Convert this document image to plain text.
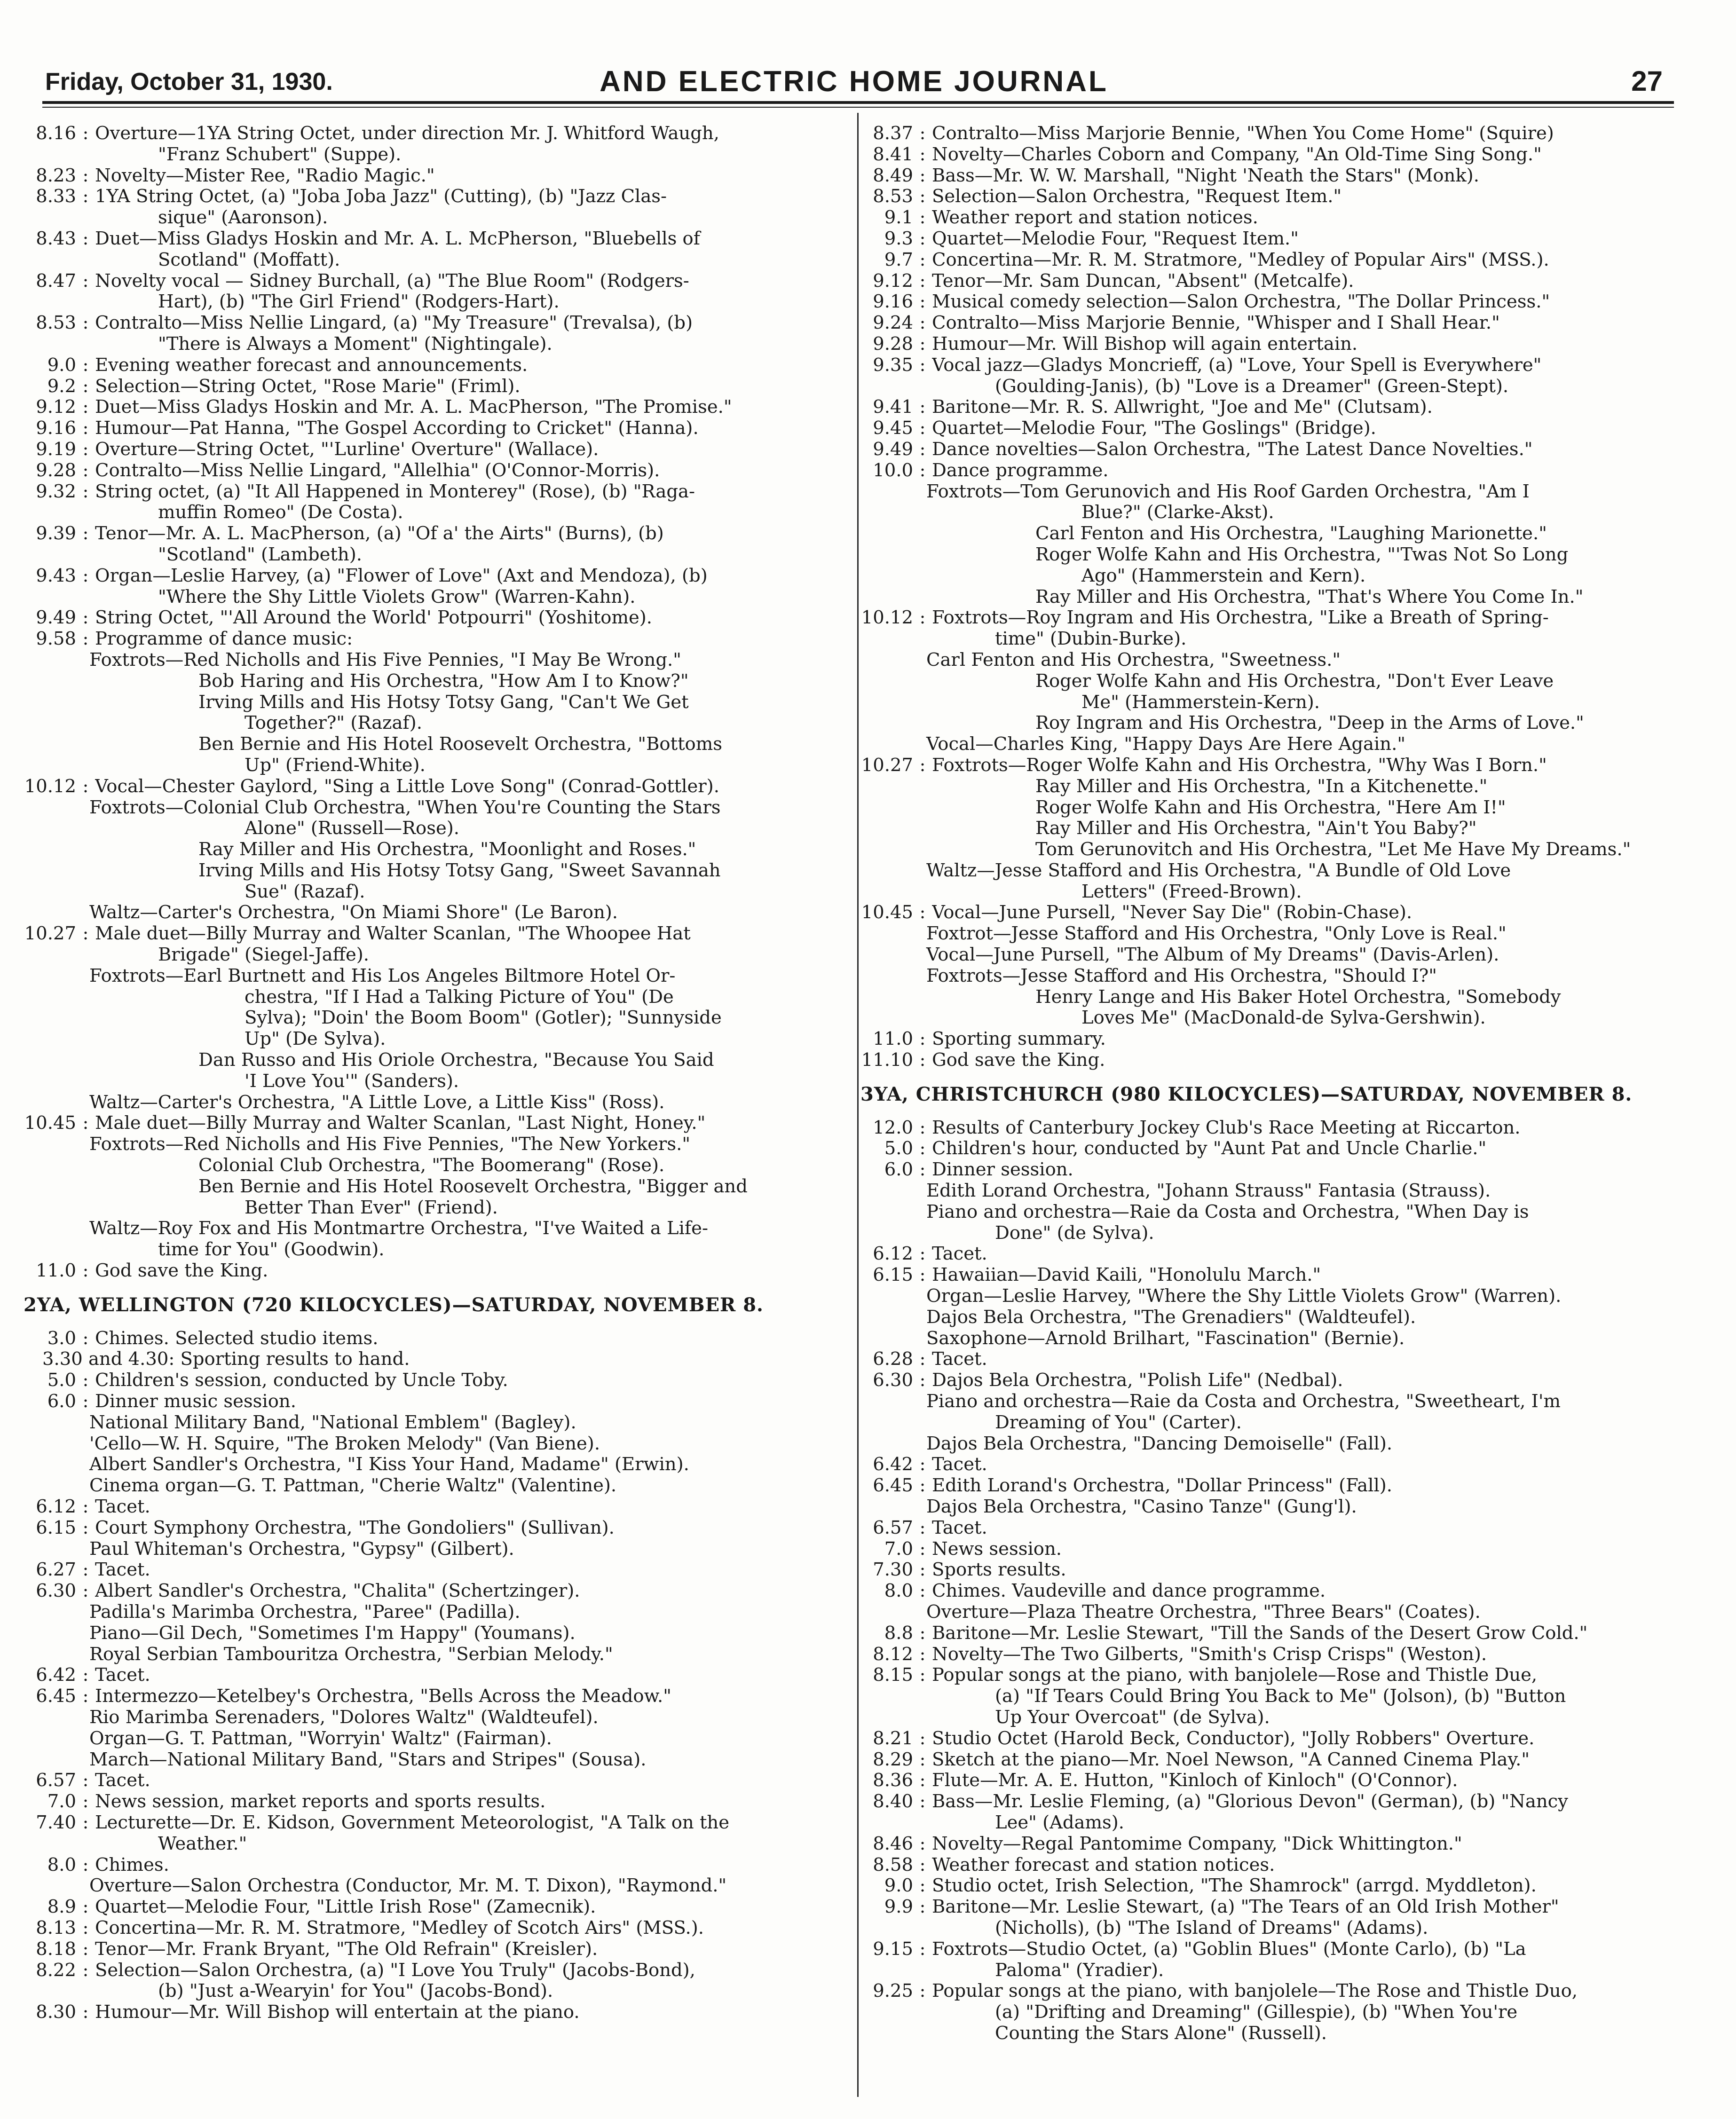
Friday, October 31, 1930.	AND ELECTRIC HOME JOURNAL	27
8.16 : Overture—1YA String Octet, under direction Mr. J. Whitford Waugh,
"Franz Schubert" (Suppe).
8.23 : Novelty—Mister Ree, "Radio Magic."
8.33 : 1YA String Octet, (a) "Joba Joba Jazz" (Cutting), (b) "Jazz Clas-
sique" (Aaronson).
8.43 : Duet—Miss Gladys Hoskin and Mr. A. L. McPherson, "Bluebells of
Scotland" (Moffatt).
8.47 : Novelty vocal — Sidney Burchall, (a) "The Blue Room" (Rodgers-
Hart), (b) "The Girl Friend" (Rodgers-Hart).
8.53 : Contralto—Miss Nellie Lingard, (a) "My Treasure" (Trevalsa), (b)
"There is Always a Moment" (Nightingale).
9.0 : Evening weather forecast and announcements.
9.2 : Selection—String Octet, "Rose Marie" (Friml).
9.12 : Duet—Miss Gladys Hoskin and Mr. A. L. MacPherson, "The Promise."
9.16 : Humour—Pat Hanna, "The Gospel According to Cricket" (Hanna).
9.19 : Overture—String Octet, "'Lurline' Overture" (Wallace).
9.28 : Contralto—Miss Nellie Lingard, "Allelhia" (O'Connor-Morris).
9.32 : String octet, (a) "It All Happened in Monterey" (Rose), (b) "Raga-
muffin Romeo" (De Costa).
9.39 : Tenor—Mr. A. L. MacPherson, (a) "Of a' the Airts" (Burns), (b)
"Scotland" (Lambeth).
9.43 : Organ—Leslie Harvey, (a) "Flower of Love" (Axt and Mendoza), (b)
"Where the Shy Little Violets Grow" (Warren-Kahn).
9.49 : String Octet, "'All Around the World' Potpourri" (Yoshitome).
9.58 : Programme of dance music:
Foxtrots—Red Nicholls and His Five Pennies, "I May Be Wrong."
Bob Haring and His Orchestra, "How Am I to Know?"
Irving Mills and His Hotsy Totsy Gang, "Can't We Get
Together?" (Razaf).
Ben Bernie and His Hotel Roosevelt Orchestra, "Bottoms
Up" (Friend-White).
10.12 : Vocal—Chester Gaylord, "Sing a Little Love Song" (Conrad-Gottler).
Foxtrots—Colonial Club Orchestra, "When You're Counting the Stars
Alone" (Russell—Rose).
Ray Miller and His Orchestra, "Moonlight and Roses."
Irving Mills and His Hotsy Totsy Gang, "Sweet Savannah
Sue" (Razaf).
Waltz—Carter's Orchestra, "On Miami Shore" (Le Baron).
10.27 : Male duet—Billy Murray and Walter Scanlan, "The Whoopee Hat
Brigade" (Siegel-Jaffe).
Foxtrots—Earl Burtnett and His Los Angeles Biltmore Hotel Or-
chestra, "If I Had a Talking Picture of You" (De
Sylva); "Doin' the Boom Boom" (Gotler); "Sunnyside
Up" (De Sylva).
Dan Russo and His Oriole Orchestra, "Because You Said
'I Love You'" (Sanders).
Waltz—Carter's Orchestra, "A Little Love, a Little Kiss" (Ross).
10.45 : Male duet—Billy Murray and Walter Scanlan, "Last Night, Honey."
Foxtrots—Red Nicholls and His Five Pennies, "The New Yorkers."
Colonial Club Orchestra, "The Boomerang" (Rose).
Ben Bernie and His Hotel Roosevelt Orchestra, "Bigger and
Better Than Ever" (Friend).
Waltz—Roy Fox and His Montmartre Orchestra, "I've Waited a Life-
time for You" (Goodwin).
11.0 : God save the King.
2YA, WELLINGTON (720 KILOCYCLES)—SATURDAY, NOVEMBER 8.
3.0 : Chimes. Selected studio items.
3.30 and 4.30: Sporting results to hand.
5.0 : Children's session, conducted by Uncle Toby.
6.0 : Dinner music session.
National Military Band, "National Emblem" (Bagley).
'Cello—W. H. Squire, "The Broken Melody" (Van Biene).
Albert Sandler's Orchestra, "I Kiss Your Hand, Madame" (Erwin).
Cinema organ—G. T. Pattman, "Cherie Waltz" (Valentine).
6.12 : Tacet.
6.15 : Court Symphony Orchestra, "The Gondoliers" (Sullivan).
Paul Whiteman's Orchestra, "Gypsy" (Gilbert).
6.27 : Tacet.
6.30 : Albert Sandler's Orchestra, "Chalita" (Schertzinger).
Padilla's Marimba Orchestra, "Paree" (Padilla).
Piano—Gil Dech, "Sometimes I'm Happy" (Youmans).
Royal Serbian Tambouritza Orchestra, "Serbian Melody."
6.42 : Tacet.
6.45 : Intermezzo—Ketelbey's Orchestra, "Bells Across the Meadow."
Rio Marimba Serenaders, "Dolores Waltz" (Waldteufel).
Organ—G. T. Pattman, "Worryin' Waltz" (Fairman).
March—National Military Band, "Stars and Stripes" (Sousa).
6.57 : Tacet.
7.0 : News session, market reports and sports results.
7.40 : Lecturette—Dr. E. Kidson, Government Meteorologist, "A Talk on the
Weather."
8.0 : Chimes.
Overture—Salon Orchestra (Conductor, Mr. M. T. Dixon), "Raymond."
8.9 : Quartet—Melodie Four, "Little Irish Rose" (Zamecnik).
8.13 : Concertina—Mr. R. M. Stratmore, "Medley of Scotch Airs" (MSS.).
8.18 : Tenor—Mr. Frank Bryant, "The Old Refrain" (Kreisler).
8.22 : Selection—Salon Orchestra, (a) "I Love You Truly" (Jacobs-Bond),
(b) "Just a-Wearyin' for You" (Jacobs-Bond).
8.30 : Humour—Mr. Will Bishop will entertain at the piano.
8.37 : Contralto—Miss Marjorie Bennie, "When You Come Home" (Squire)
8.41 : Novelty—Charles Coborn and Company, "An Old-Time Sing Song."
8.49 : Bass—Mr. W. W. Marshall, "Night 'Neath the Stars" (Monk).
8.53 : Selection—Salon Orchestra, "Request Item."
9.1 : Weather report and station notices.
9.3 : Quartet—Melodie Four, "Request Item."
9.7 : Concertina—Mr. R. M. Stratmore, "Medley of Popular Airs" (MSS.).
9.12 : Tenor—Mr. Sam Duncan, "Absent" (Metcalfe).
9.16 : Musical comedy selection—Salon Orchestra, "The Dollar Princess."
9.24 : Contralto—Miss Marjorie Bennie, "Whisper and I Shall Hear."
9.28 : Humour—Mr. Will Bishop will again entertain.
9.35 : Vocal jazz—Gladys Moncrieff, (a) "Love, Your Spell is Everywhere"
(Goulding-Janis), (b) "Love is a Dreamer" (Green-Stept).
9.41 : Baritone—Mr. R. S. Allwright, "Joe and Me" (Clutsam).
9.45 : Quartet—Melodie Four, "The Goslings" (Bridge).
9.49 : Dance novelties—Salon Orchestra, "The Latest Dance Novelties."
10.0 : Dance programme.
Foxtrots—Tom Gerunovich and His Roof Garden Orchestra, "Am I
Blue?" (Clarke-Akst).
Carl Fenton and His Orchestra, "Laughing Marionette."
Roger Wolfe Kahn and His Orchestra, "'Twas Not So Long
Ago" (Hammerstein and Kern).
Ray Miller and His Orchestra, "That's Where You Come In."
10.12 : Foxtrots—Roy Ingram and His Orchestra, "Like a Breath of Spring-
time" (Dubin-Burke).
Carl Fenton and His Orchestra, "Sweetness."
Roger Wolfe Kahn and His Orchestra, "Don't Ever Leave
Me" (Hammerstein-Kern).
Roy Ingram and His Orchestra, "Deep in the Arms of Love."
Vocal—Charles King, "Happy Days Are Here Again."
10.27 : Foxtrots—Roger Wolfe Kahn and His Orchestra, "Why Was I Born."
Ray Miller and His Orchestra, "In a Kitchenette."
Roger Wolfe Kahn and His Orchestra, "Here Am I!"
Ray Miller and His Orchestra, "Ain't You Baby?"
Tom Gerunovitch and His Orchestra, "Let Me Have My Dreams."
Waltz—Jesse Stafford and His Orchestra, "A Bundle of Old Love
Letters" (Freed-Brown).
10.45 : Vocal—June Pursell, "Never Say Die" (Robin-Chase).
Foxtrot—Jesse Stafford and His Orchestra, "Only Love is Real."
Vocal—June Pursell, "The Album of My Dreams" (Davis-Arlen).
Foxtrots—Jesse Stafford and His Orchestra, "Should I?"
Henry Lange and His Baker Hotel Orchestra, "Somebody
Loves Me" (MacDonald-de Sylva-Gershwin).
11.0 : Sporting summary.
11.10 : God save the King.
3YA, CHRISTCHURCH (980 KILOCYCLES)—SATURDAY, NOVEMBER 8.
12.0 : Results of Canterbury Jockey Club's Race Meeting at Riccarton.
5.0 : Children's hour, conducted by "Aunt Pat and Uncle Charlie."
6.0 : Dinner session.
Edith Lorand Orchestra, "Johann Strauss" Fantasia (Strauss).
Piano and orchestra—Raie da Costa and Orchestra, "When Day is
Done" (de Sylva).
6.12 : Tacet.
6.15 : Hawaiian—David Kaili, "Honolulu March."
Organ—Leslie Harvey, "Where the Shy Little Violets Grow" (Warren).
Dajos Bela Orchestra, "The Grenadiers" (Waldteufel).
Saxophone—Arnold Brilhart, "Fascination" (Bernie).
6.28 : Tacet.
6.30 : Dajos Bela Orchestra, "Polish Life" (Nedbal).
Piano and orchestra—Raie da Costa and Orchestra, "Sweetheart, I'm
Dreaming of You" (Carter).
Dajos Bela Orchestra, "Dancing Demoiselle" (Fall).
6.42 : Tacet.
6.45 : Edith Lorand's Orchestra, "Dollar Princess" (Fall).
Dajos Bela Orchestra, "Casino Tanze" (Gung'l).
6.57 : Tacet.
7.0 : News session.
7.30 : Sports results.
8.0 : Chimes. Vaudeville and dance programme.
Overture—Plaza Theatre Orchestra, "Three Bears" (Coates).
8.8 : Baritone—Mr. Leslie Stewart, "Till the Sands of the Desert Grow Cold."
8.12 : Novelty—The Two Gilberts, "Smith's Crisp Crisps" (Weston).
8.15 : Popular songs at the piano, with banjolele—Rose and Thistle Due,
(a) "If Tears Could Bring You Back to Me" (Jolson), (b) "Button
Up Your Overcoat" (de Sylva).
8.21 : Studio Octet (Harold Beck, Conductor), "Jolly Robbers" Overture.
8.29 : Sketch at the piano—Mr. Noel Newson, "A Canned Cinema Play."
8.36 : Flute—Mr. A. E. Hutton, "Kinloch of Kinloch" (O'Connor).
8.40 : Bass—Mr. Leslie Fleming, (a) "Glorious Devon" (German), (b) "Nancy
Lee" (Adams).
8.46 : Novelty—Regal Pantomime Company, "Dick Whittington."
8.58 : Weather forecast and station notices.
9.0 : Studio octet, Irish Selection, "The Shamrock" (arrgd. Myddleton).
9.9 : Baritone—Mr. Leslie Stewart, (a) "The Tears of an Old Irish Mother"
(Nicholls), (b) "The Island of Dreams" (Adams).
9.15 : Foxtrots—Studio Octet, (a) "Goblin Blues" (Monte Carlo), (b) "La
Paloma" (Yradier).
9.25 : Popular songs at the piano, with banjolele—The Rose and Thistle Duo,
(a) "Drifting and Dreaming" (Gillespie), (b) "When You're
Counting the Stars Alone" (Russell).
